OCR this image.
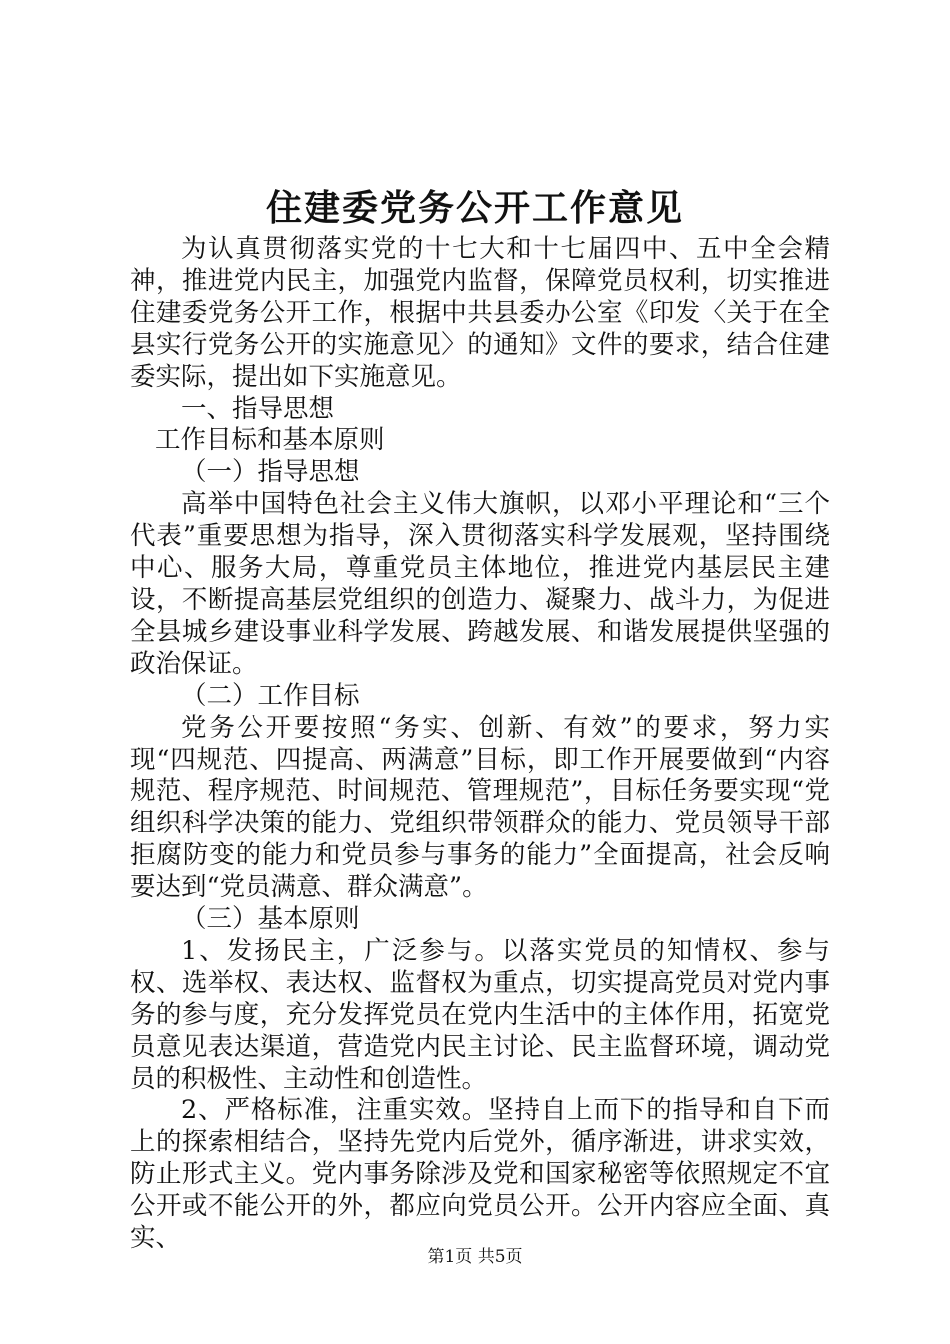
住建委党务公开工作意见

为认真贯彻落实党的十七大和十七届四中、五中全会精神，推进党内民主，加强党内监督，保障党员权利，切实推进住建委党务公开工作，根据中共县委办公室《印发〈关于在全县实行党务公开的实施意见〉的通知》文件的要求，结合住建委实际，提出如下实施意见。

一、指导思想

工作目标和基本原则

（一）指导思想

高举中国特色社会主义伟大旗帜，以邓小平理论和“三个代表”重要思想为指导，深入贯彻落实科学发展观，坚持围绕中心、服务大局，尊重党员主体地位，推进党内基层民主建设，不断提高基层党组织的创造力、凝聚力、战斗力，为促进全县城乡建设事业科学发展、跨越发展、和谐发展提供坚强的政治保证。

（二）工作目标

党务公开要按照“务实、创新、有效”的要求，努力实现“四规范、四提高、两满意”目标，即工作开展要做到“内容规范、程序规范、时间规范、管理规范”，目标任务要实现“党组织科学决策的能力、党组织带领群众的能力、党员领导干部拒腐防变的能力和党员参与事务的能力”全面提高，社会反响要达到“党员满意、群众满意”。

（三）基本原则

1、发扬民主，广泛参与。以落实党员的知情权、参与权、选举权、表达权、监督权为重点，切实提高党员对党内事务的参与度，充分发挥党员在党内生活中的主体作用，拓宽党员意见表达渠道，营造党内民主讨论、民主监督环境，调动党员的积极性、主动性和创造性。

2、严格标准，注重实效。坚持自上而下的指导和自下而上的探索相结合，坚持先党内后党外，循序渐进，讲求实效，防止形式主义。党内事务除涉及党和国家秘密等依照规定不宜公开或不能公开的外，都应向党员公开。公开内容应全面、真实、

第1页 共5页
